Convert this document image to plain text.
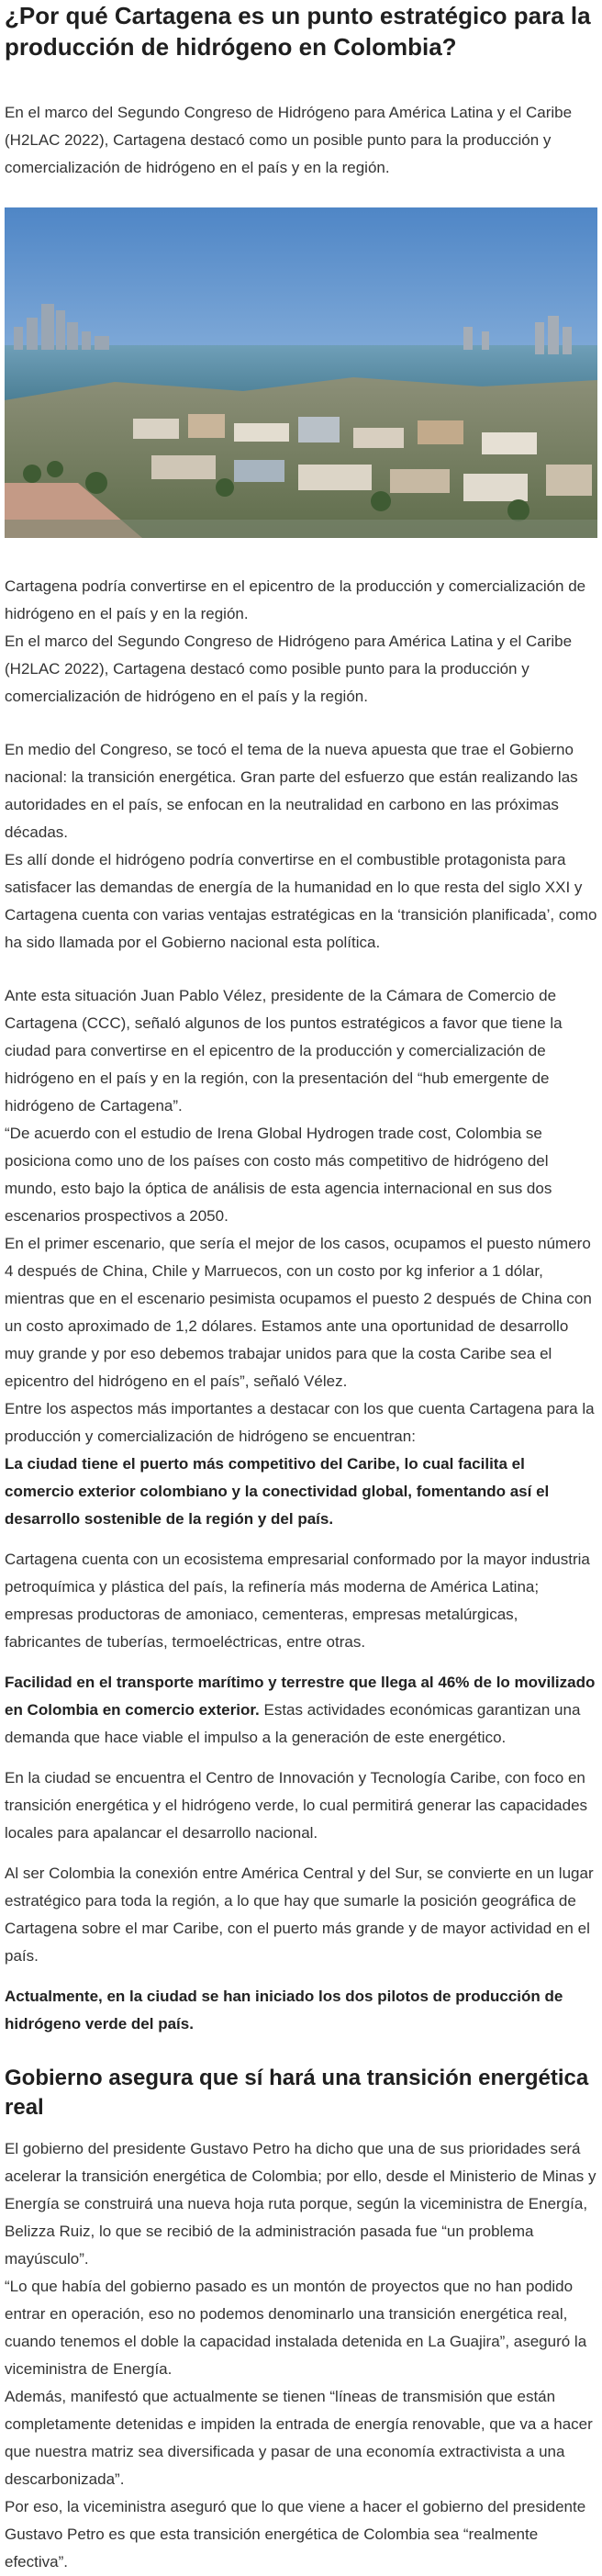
¿Por qué Cartagena es un punto estratégico para la producción de hidrógeno en Colombia?

En el marco del Segundo Congreso de Hidrógeno para América Latina y el Caribe (H2LAC 2022), Cartagena destacó como un posible punto para la producción y comercialización de hidrógeno en el país y en la región.

Cartagena podría convertirse en el epicentro de la producción y comercialización de hidrógeno en el país y en la región.

En el marco del Segundo Congreso de Hidrógeno para América Latina y el Caribe (H2LAC 2022), Cartagena destacó como posible punto para la producción y comercialización de hidrógeno en el país y la región.

En medio del Congreso, se tocó el tema de la nueva apuesta que trae el Gobierno nacional: la transición energética. Gran parte del esfuerzo que están realizando las autoridades en el país, se enfocan en la neutralidad en carbono en las próximas décadas.

Es allí donde el hidrógeno podría convertirse en el combustible protagonista para satisfacer las demandas de energía de la humanidad en lo que resta del siglo XXI y Cartagena cuenta con varias ventajas estratégicas en la ‘transición planificada’, como ha sido llamada por el Gobierno nacional esta política.

Ante esta situación Juan Pablo Vélez, presidente de la Cámara de Comercio de Cartagena (CCC), señaló algunos de los puntos estratégicos a favor que tiene la ciudad para convertirse en el epicentro de la producción y comercialización de hidrógeno en el país y en la región, con la presentación del “hub emergente de hidrógeno de Cartagena”.

“De acuerdo con el estudio de Irena Global Hydrogen trade cost, Colombia se posiciona como uno de los países con costo más competitivo de hidrógeno del mundo, esto bajo la óptica de análisis de esta agencia internacional en sus dos escenarios prospectivos a 2050.

En el primer escenario, que sería el mejor de los casos, ocupamos el puesto número 4 después de China, Chile y Marruecos, con un costo por kg inferior a 1 dólar, mientras que en el escenario pesimista ocupamos el puesto 2 después de China con un costo aproximado de 1,2 dólares. Estamos ante una oportunidad de desarrollo muy grande y por eso debemos trabajar unidos para que la costa Caribe sea el epicentro del hidrógeno en el país”, señaló Vélez.

Entre los aspectos más importantes a destacar con los que cuenta Cartagena para la producción y comercialización de hidrógeno se encuentran:

La ciudad tiene el puerto más competitivo del Caribe, lo cual facilita el comercio exterior colombiano y la conectividad global, fomentando así el desarrollo sostenible de la región y del país.

Cartagena cuenta con un ecosistema empresarial conformado por la mayor industria petroquímica y plástica del país, la refinería más moderna de América Latina; empresas productoras de amoniaco, cementeras, empresas metalúrgicas, fabricantes de tuberías, termoeléctricas, entre otras.

Facilidad en el transporte marítimo y terrestre que llega al 46% de lo movilizado en Colombia en comercio exterior. Estas actividades económicas garantizan una demanda que hace viable el impulso a la generación de este energético.

En la ciudad se encuentra el Centro de Innovación y Tecnología Caribe, con foco en transición energética y el hidrógeno verde, lo cual permitirá generar las capacidades locales para apalancar el desarrollo nacional.

Al ser Colombia la conexión entre América Central y del Sur, se convierte en un lugar estratégico para toda la región, a lo que hay que sumarle la posición geográfica de Cartagena sobre el mar Caribe, con el puerto más grande y de mayor actividad en el país.

Actualmente, en la ciudad se han iniciado los dos pilotos de producción de hidrógeno verde del país.

Gobierno asegura que sí hará una transición energética real

El gobierno del presidente Gustavo Petro ha dicho que una de sus prioridades será acelerar la transición energética de Colombia; por ello, desde el Ministerio de Minas y Energía se construirá una nueva hoja ruta porque, según la viceministra de Energía, Belizza Ruiz, lo que se recibió de la administración pasada fue “un problema mayúsculo”.

“Lo que había del gobierno pasado es un montón de proyectos que no han podido entrar en operación, eso no podemos denominarlo una transición energética real, cuando tenemos el doble la capacidad instalada detenida en La Guajira”, aseguró la viceministra de Energía.

Además, manifestó que actualmente se tienen “líneas de transmisión que están completamente detenidas e impiden la entrada de energía renovable, que va a hacer que nuestra matriz sea diversificada y pasar de una economía extractivista a una descarbonizada”.

Por eso, la viceministra aseguró que lo que viene a hacer el gobierno del presidente Gustavo Petro es que esta transición energética de Colombia sea “realmente efectiva”.
